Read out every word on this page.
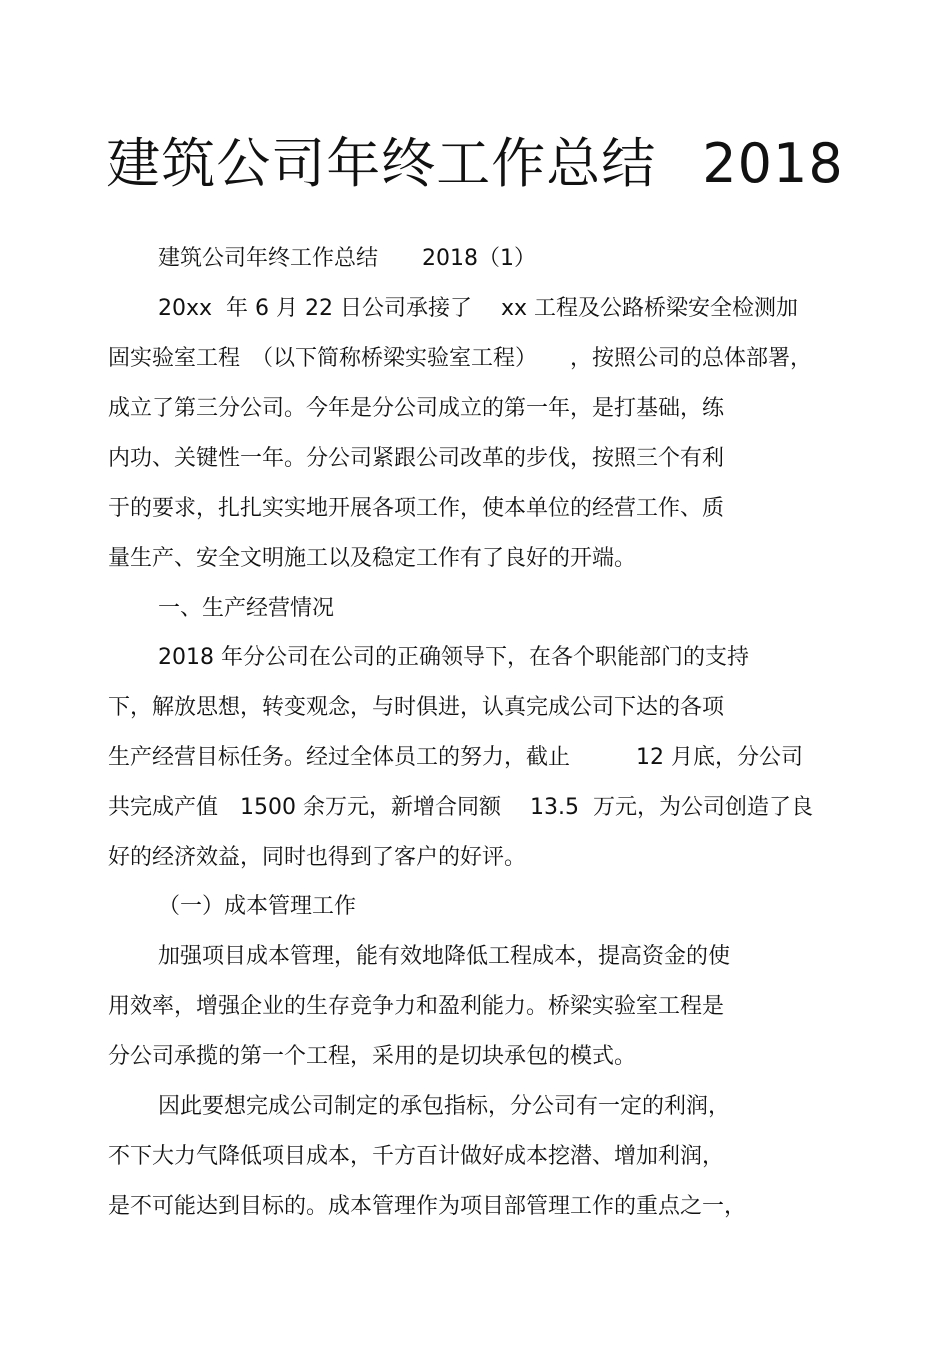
建筑公司年终工作总结 2018
建筑公司年终工作总结　　2018（1）
20xx  年 6 月 22 日公司承接了　 xx 工程及公路桥梁安全检测加
固实验室工程　（以下简称桥梁实验室工程）　　，按照公司的总体部署，
成立了第三分公司。今年是分公司成立的第一年，是打基础，练
内功、关键性一年。分公司紧跟公司改革的步伐，按照三个有利
于的要求，扎扎实实地开展各项工作，使本单位的经营工作、质
量生产、安全文明施工以及稳定工作有了良好的开端。
一、生产经营情况
2018 年分公司在公司的正确领导下，在各个职能部门的支持
下，解放思想，转变观念，与时俱进，认真完成公司下达的各项
生产经营目标任务。经过全体员工的努力，截止　　　12 月底，分公司
共完成产值　1500 余万元，新增合同额　 13.5  万元，为公司创造了良
好的经济效益，同时也得到了客户的好评。
（一）成本管理工作
加强项目成本管理，能有效地降低工程成本，提高资金的使
用效率，增强企业的生存竞争力和盈利能力。桥梁实验室工程是
分公司承揽的第一个工程，采用的是切块承包的模式。
因此要想完成公司制定的承包指标，分公司有一定的利润，
不下大力气降低项目成本，千方百计做好成本挖潜、增加利润，
是不可能达到目标的。成本管理作为项目部管理工作的重点之一，
